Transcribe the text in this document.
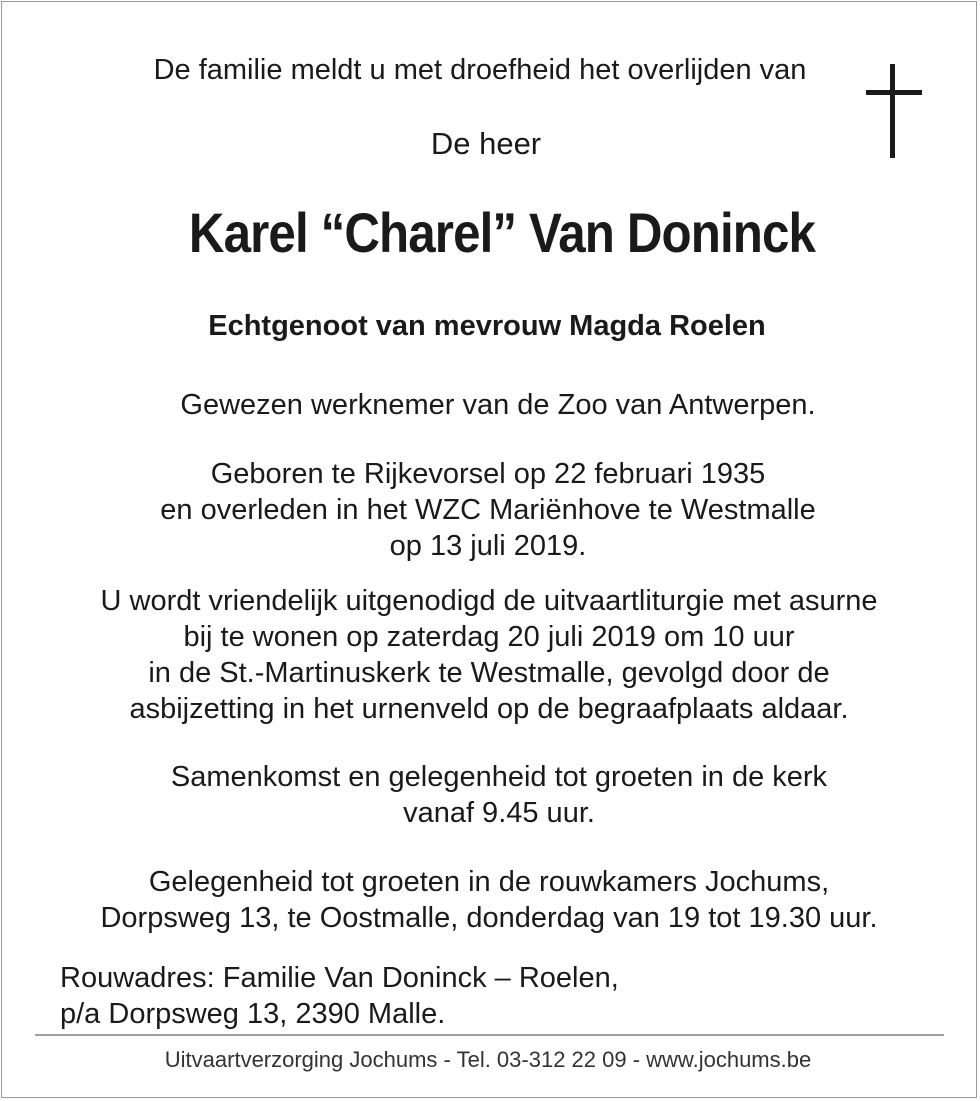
De familie meldt u met droefheid het overlijden van
De heer
Karel “Charel” Van Doninck
Echtgenoot van mevrouw Magda Roelen
Gewezen werknemer van de Zoo van Antwerpen.
Geboren te Rijkevorsel op 22 februari 1935
en overleden in het WZC Mariënhove te Westmalle
op 13 juli 2019.
U wordt vriendelijk uitgenodigd de uitvaartliturgie met asurne
bij te wonen op zaterdag 20 juli 2019 om 10 uur
in de St.-Martinuskerk te Westmalle, gevolgd door de
asbijzetting in het urnenveld op de begraafplaats aldaar.
Samenkomst en gelegenheid tot groeten in de kerk
vanaf 9.45 uur.
Gelegenheid tot groeten in de rouwkamers Jochums,
Dorpsweg 13, te Oostmalle, donderdag van 19 tot 19.30 uur.
Rouwadres: Familie Van Doninck – Roelen,
p/a Dorpsweg 13, 2390 Malle.
Uitvaartverzorging Jochums - Tel. 03-312 22 09 - www.jochums.be
